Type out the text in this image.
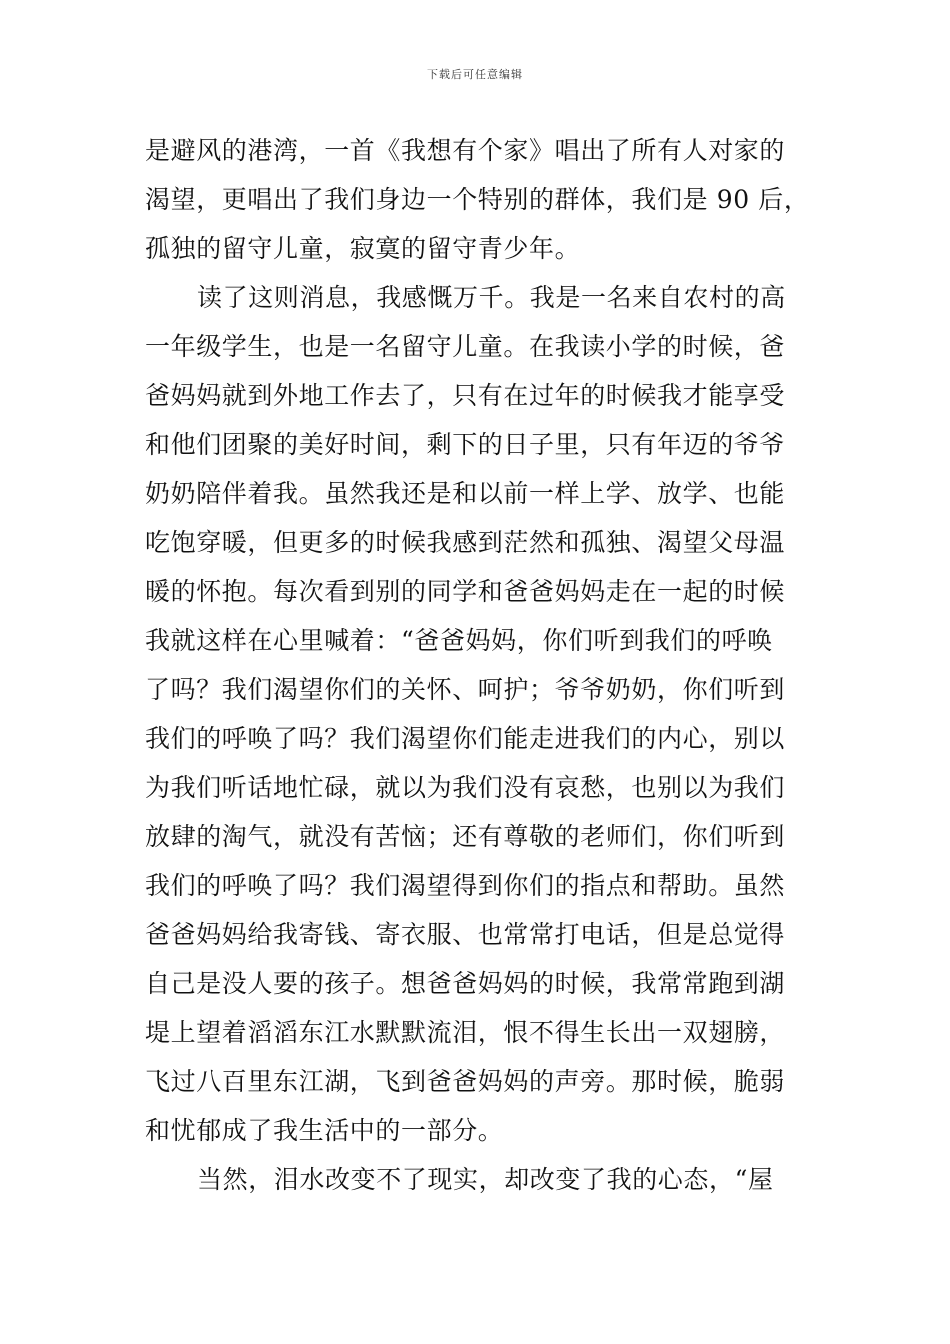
下载后可任意编辑
是避风的港湾，一首《我想有个家》唱出了所有人对家的
渴望，更唱出了我们身边一个特别的群体，我们是 90 后，
孤独的留守儿童，寂寞的留守青少年。
读了这则消息，我感慨万千。我是一名来自农村的高
一年级学生，也是一名留守儿童。在我读小学的时候，爸
爸妈妈就到外地工作去了，只有在过年的时候我才能享受
和他们团聚的美好时间，剩下的日子里，只有年迈的爷爷
奶奶陪伴着我。虽然我还是和以前一样上学、放学、也能
吃饱穿暖，但更多的时候我感到茫然和孤独、渴望父母温
暖的怀抱。每次看到别的同学和爸爸妈妈走在一起的时候
我就这样在心里喊着：“爸爸妈妈，你们听到我们的呼唤
了吗？我们渴望你们的关怀、呵护；爷爷奶奶，你们听到
我们的呼唤了吗？我们渴望你们能走进我们的内心，别以
为我们听话地忙碌，就以为我们没有哀愁，也别以为我们
放肆的淘气，就没有苦恼；还有尊敬的老师们，你们听到
我们的呼唤了吗？我们渴望得到你们的指点和帮助。虽然
爸爸妈妈给我寄钱、寄衣服、也常常打电话，但是总觉得
自己是没人要的孩子。想爸爸妈妈的时候，我常常跑到湖
堤上望着滔滔东江水默默流泪，恨不得生长出一双翅膀，
飞过八百里东江湖，飞到爸爸妈妈的声旁。那时候，脆弱
和忧郁成了我生活中的一部分。
当然，泪水改变不了现实，却改变了我的心态，“屋
